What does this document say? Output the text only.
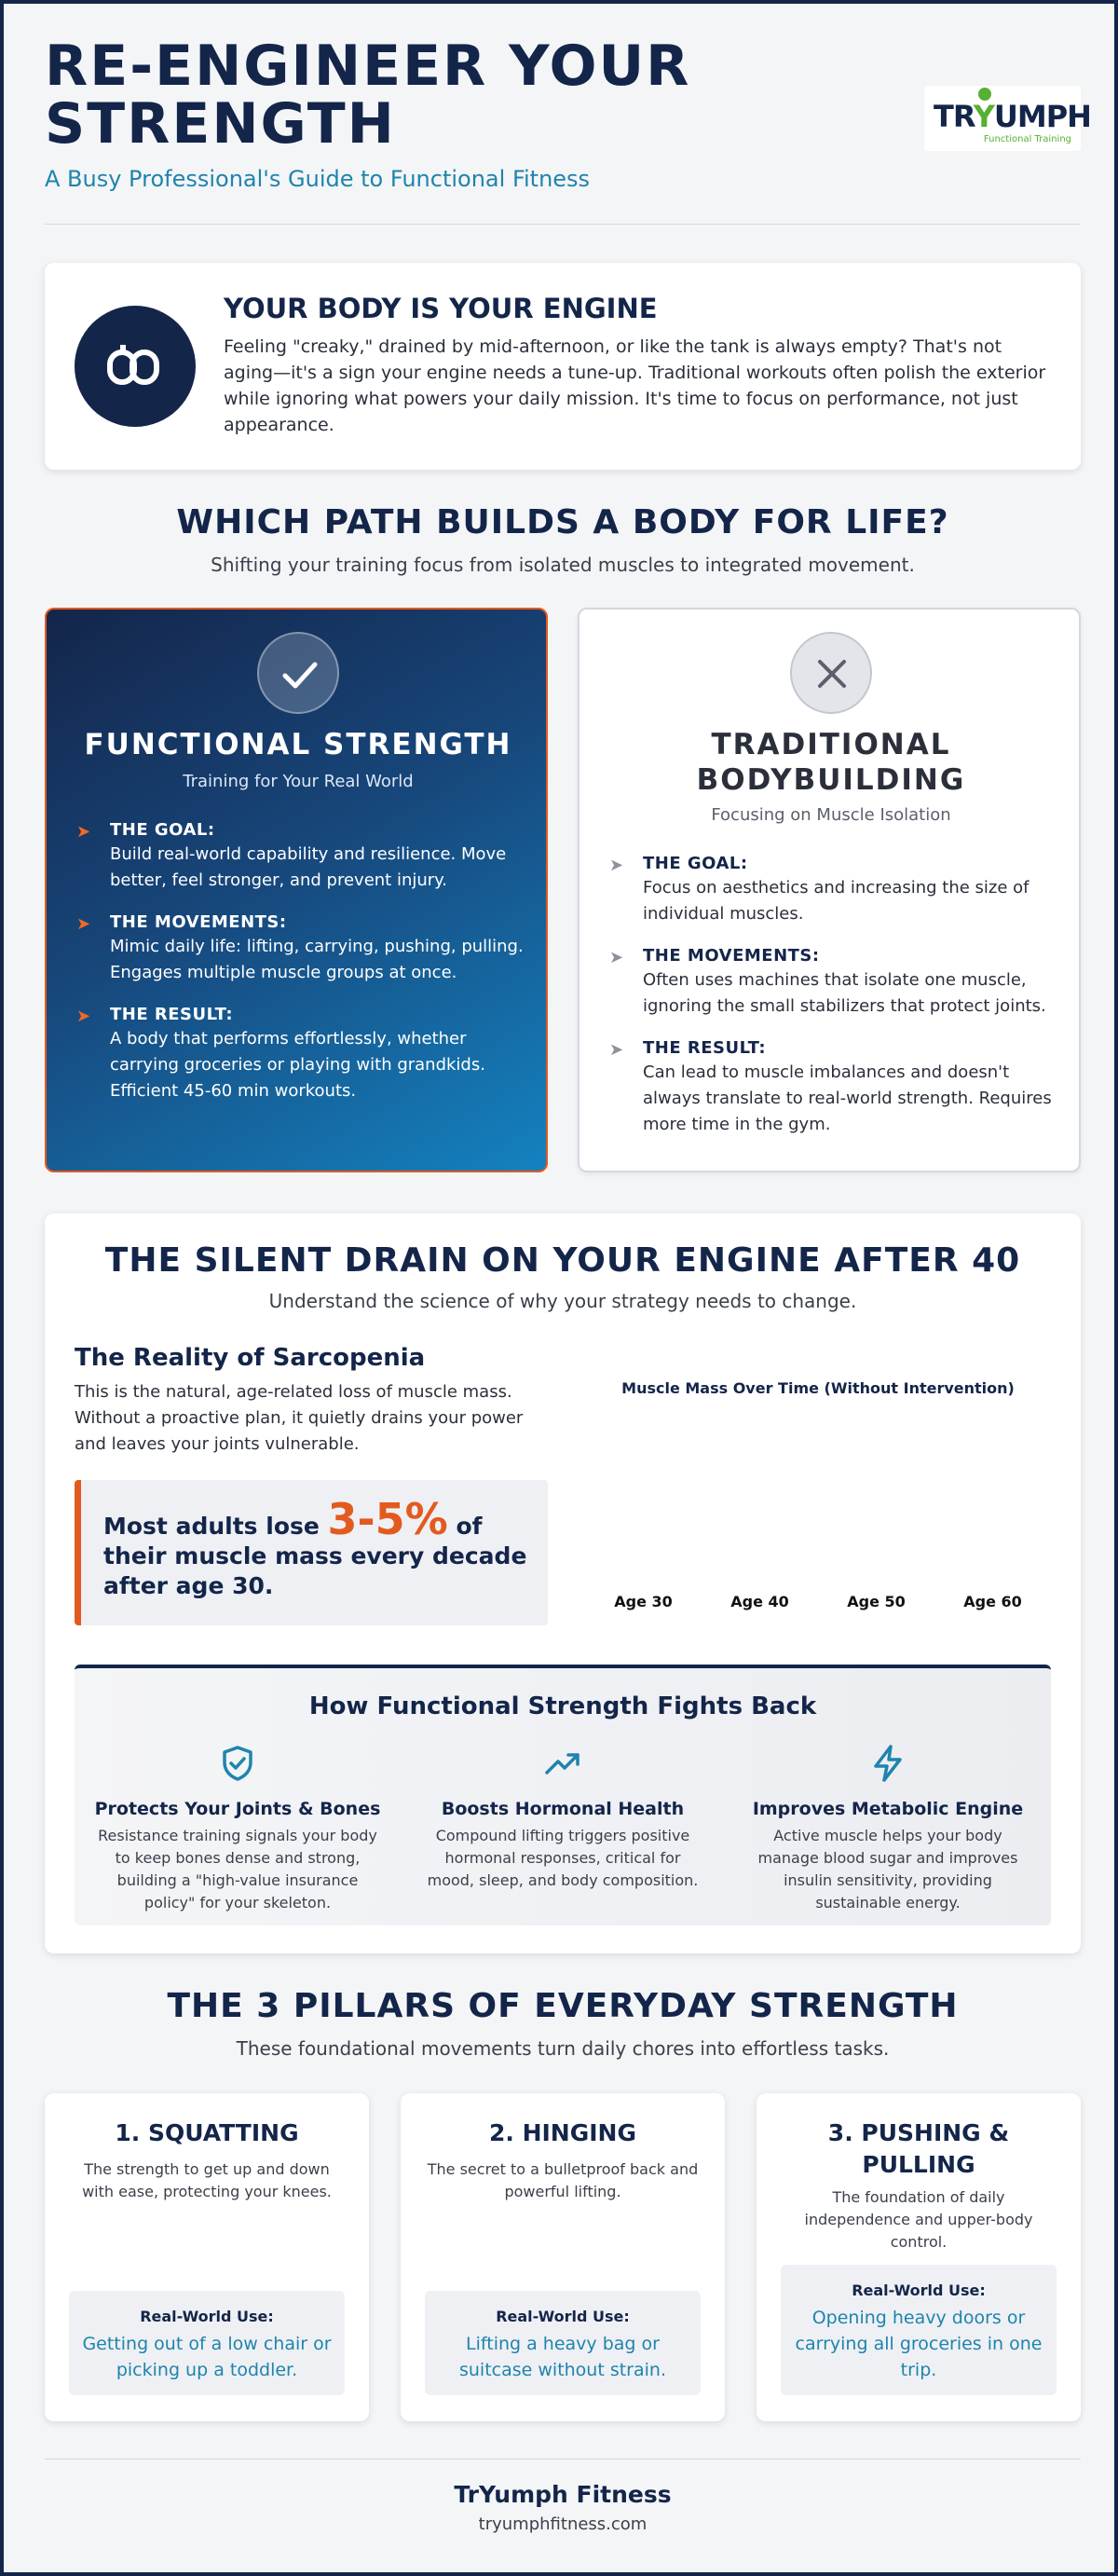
RE-ENGINEER YOUR STRENGTH
A Busy Professional's Guide to Functional Fitness
TRYUMPH
Functional Training
YOUR BODY IS YOUR ENGINE

Feeling "creaky," drained by mid-afternoon, or like the tank is always empty? That's not aging—it's a sign your engine needs a tune-up. Traditional workouts often polish the exterior while ignoring what powers your daily mission. It's time to focus on performance, not just appearance.

WHICH PATH BUILDS A BODY FOR LIFE?

Shifting your training focus from isolated muscles to integrated movement.

FUNCTIONAL STRENGTH
Training for Your Real World
➤ THE GOAL:
Build real-world capability and resilience. Move better, feel stronger, and prevent injury.
➤ THE MOVEMENTS:
Mimic daily life: lifting, carrying, pushing, pulling. Engages multiple muscle groups at once.
➤ THE RESULT:
A body that performs effortlessly, whether carrying groceries or playing with grandkids. Efficient 45-60 min workouts.
TRADITIONAL BODYBUILDING
Focusing on Muscle Isolation
➤ THE GOAL:
Focus on aesthetics and increasing the size of individual muscles.
➤ THE MOVEMENTS:
Often uses machines that isolate one muscle, ignoring the small stabilizers that protect joints.
➤ THE RESULT:
Can lead to muscle imbalances and doesn't always translate to real-world strength. Requires more time in the gym.
THE SILENT DRAIN ON YOUR ENGINE AFTER 40

Understand the science of why your strategy needs to change.

The Reality of Sarcopenia

This is the natural, age-related loss of muscle mass. Without a proactive plan, it quietly drains your power and leaves your joints vulnerable.

Most adults lose 3-5% of their muscle mass every decade after age 30.
Muscle Mass Over Time (Without Intervention)
Age 30	Age 40	Age 50	Age 60
How Functional Strength Fights Back
Protects Your Joints & Bones
Resistance training signals your body to keep bones dense and strong, building a "high-value insurance policy" for your skeleton.
Boosts Hormonal Health
Compound lifting triggers positive hormonal responses, critical for mood, sleep, and body composition.
Improves Metabolic Engine
Active muscle helps your body manage blood sugar and improves insulin sensitivity, providing sustainable energy.
THE 3 PILLARS OF EVERYDAY STRENGTH

These foundational movements turn daily chores into effortless tasks.

1. SQUATTING

The strength to get up and down with ease, protecting your knees.

Real-World Use:
Getting out of a low chair or picking up a toddler.
2. HINGING

The secret to a bulletproof back and powerful lifting.

Real-World Use:
Lifting a heavy bag or suitcase without strain.
3. PUSHING & PULLING

The foundation of daily independence and upper-body control.

Real-World Use:
Opening heavy doors or carrying all groceries in one trip.
TrYumph Fitness
tryumphfitness.com
